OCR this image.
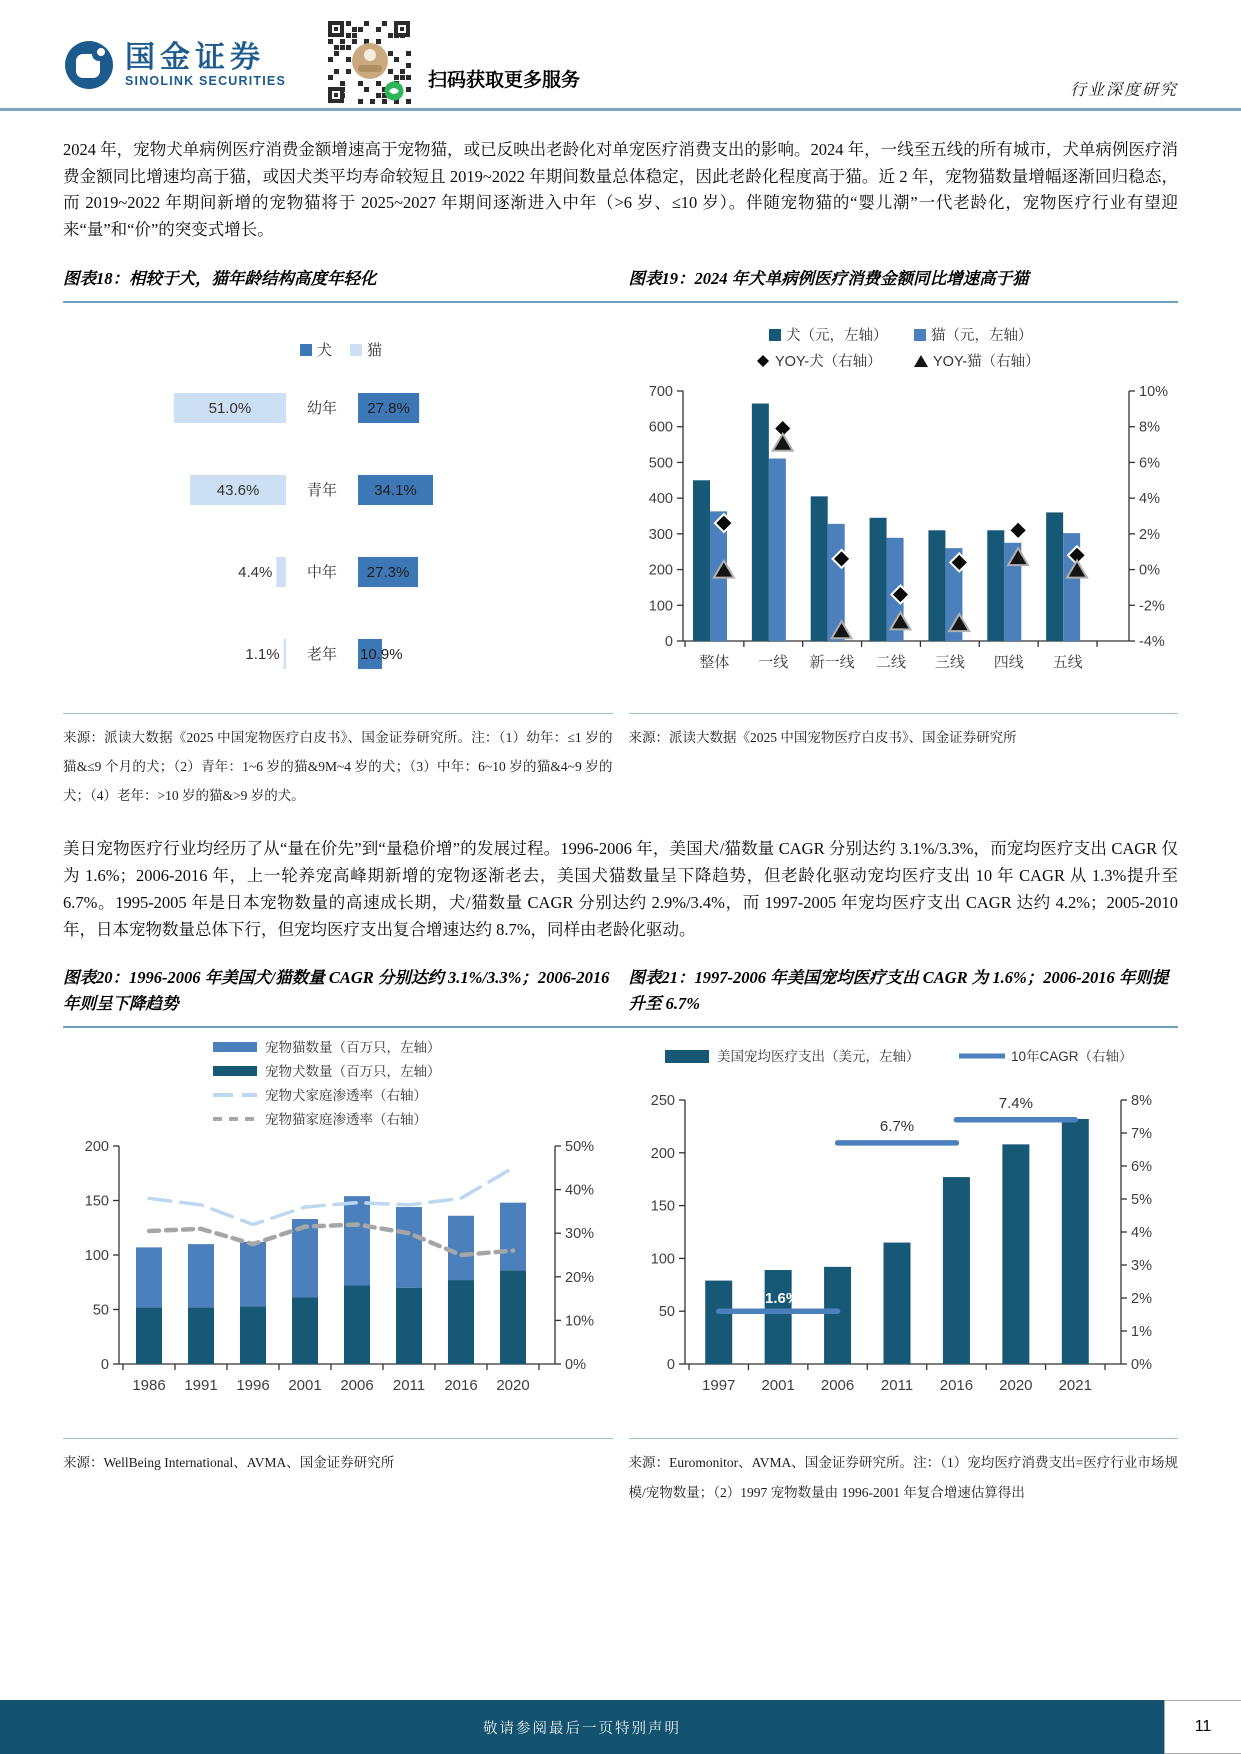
国金证券
SINOLINK SECURITIES	扫码获取更多服务	行业深度研究

2024 年，宠物犬单病例医疗消费金额增速高于宠物猫，或已反映出老龄化对单宠医疗消费支出的影响。2024 年，一线至五线的所有城市，犬单病例医疗消费金额同比增速均高于猫，或因犬类平均寿命较短且 2019~2022 年期间数量总体稳定，因此老龄化程度高于猫。近 2 年，宠物猫数量增幅逐渐回归稳态，而 2019~2022 年期间新增的宠物猫将于 2025~2027 年期间逐渐进入中年（>6 岁、≤10 岁）。伴随宠物猫的“婴儿潮”一代老龄化，宠物医疗行业有望迎来“量”和“价”的突变式增长。

图表18：相较于犬，猫年龄结构高度年轻化	图表19：2024 年犬单病例医疗消费金额同比增速高于猫
犬 猫
51.0%	27.8%
幼年
43.6%	34.1%
青年
4.4%	27.3%
中年
1.1%	10.9%
老年
来源：派读大数据《2025 中国宠物医疗白皮书》、国金证券研究所。注：（1）幼年：≤1 岁的猫&≤9 个月的犬；（2）青年：1~6 岁的猫&9M~4 岁的犬；（3）中年：6~10 岁的猫&4~9 岁的犬；（4）老年：>10 岁的猫&>9 岁的犬。
犬（元，左轴）	猫（元，左轴）
YOY-犬（右轴）	YOY-猫（右轴）
0
100
200
300
400
500
600
700
-4%
-2%
0%
2%
4%
6%
8%
10%
整体 一线 新一线 二线 三线 四线 五线
来源：派读大数据《2025 中国宠物医疗白皮书》、国金证券研究所

美日宠物医疗行业均经历了从“量在价先”到“量稳价增”的发展过程。1996-2006 年，美国犬/猫数量 CAGR 分别达约 3.1%/3.3%，而宠均医疗支出 CAGR 仅为 1.6%；2006-2016 年，上一轮养宠高峰期新增的宠物逐渐老去，美国犬猫数量呈下降趋势，但老龄化驱动宠均医疗支出 10 年 CAGR 从 1.3%提升至 6.7%。1995-2005 年是日本宠物数量的高速成长期，犬/猫数量 CAGR 分别达约 2.9%/3.4%，而 1997-2005 年宠均医疗支出 CAGR 达约 4.2%；2005-2010 年，日本宠物数量总体下行，但宠均医疗支出复合增速达约 8.7%，同样由老龄化驱动。

图表20：1996-2006 年美国犬/猫数量 CAGR 分别达约 3.1%/3.3%；2006-2016 年则呈下降趋势
图表21：1997-2006 年美国宠均医疗支出 CAGR 为 1.6%；2006-2016 年则提升至 6.7%
宠物猫数量（百万只，左轴）
宠物犬数量（百万只，左轴）
宠物犬家庭渗透率（右轴）
宠物猫家庭渗透率（右轴）
0
50
100
150
200
0%
10%
20%
30%
40%
50%
1986 1991 1996 2001 2006 2011 2016 2020
来源：WellBeing International、AVMA、国金证券研究所
美国宠均医疗支出（美元，左轴）	10年CAGR（右轴）
0
50
100
150
200
250
0%
1%
2%
3%
4%
5%
6%
7%
8%
1997 2001 2006 2011 2016 2020 2021
1.6%
6.7%
7.4%
来源：Euromonitor、AVMA、国金证券研究所。注：（1）宠均医疗消费支出=医疗行业市场规模/宠物数量；（2）1997 宠物数量由 1996-2001 年复合增速估算得出
敬请参阅最后一页特别声明	11
